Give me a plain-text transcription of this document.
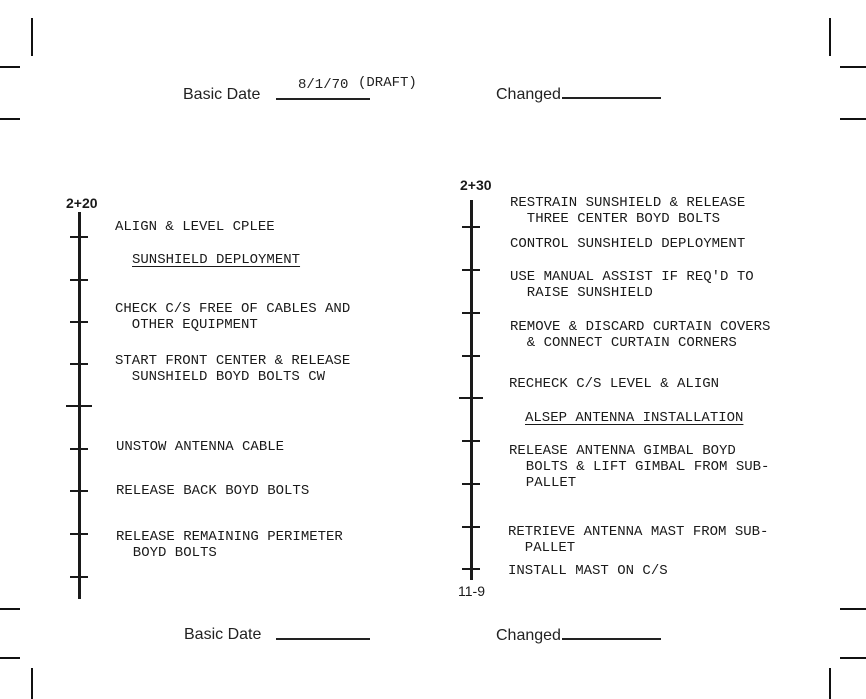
Basic Date
8/1/70 (DRAFT)
Changed
2+20
ALIGN & LEVEL CPLEE
SUNSHIELD DEPLOYMENT
CHECK C/S FREE OF CABLES AND
OTHER EQUIPMENT
START FRONT CENTER & RELEASE
SUNSHIELD BOYD BOLTS CW
UNSTOW ANTENNA CABLE
RELEASE BACK BOYD BOLTS
RELEASE REMAINING PERIMETER
BOYD BOLTS
2+30
11-9
RESTRAIN SUNSHIELD & RELEASE
THREE CENTER BOYD BOLTS
CONTROL SUNSHIELD DEPLOYMENT
USE MANUAL ASSIST IF REQ'D TO
RAISE SUNSHIELD
REMOVE & DISCARD CURTAIN COVERS
& CONNECT CURTAIN CORNERS
RECHECK C/S LEVEL & ALIGN
ALSEP ANTENNA INSTALLATION
RELEASE ANTENNA GIMBAL BOYD
BOLTS & LIFT GIMBAL FROM SUB-
PALLET
RETRIEVE ANTENNA MAST FROM SUB-
PALLET
INSTALL MAST ON C/S
Basic Date	Changed
